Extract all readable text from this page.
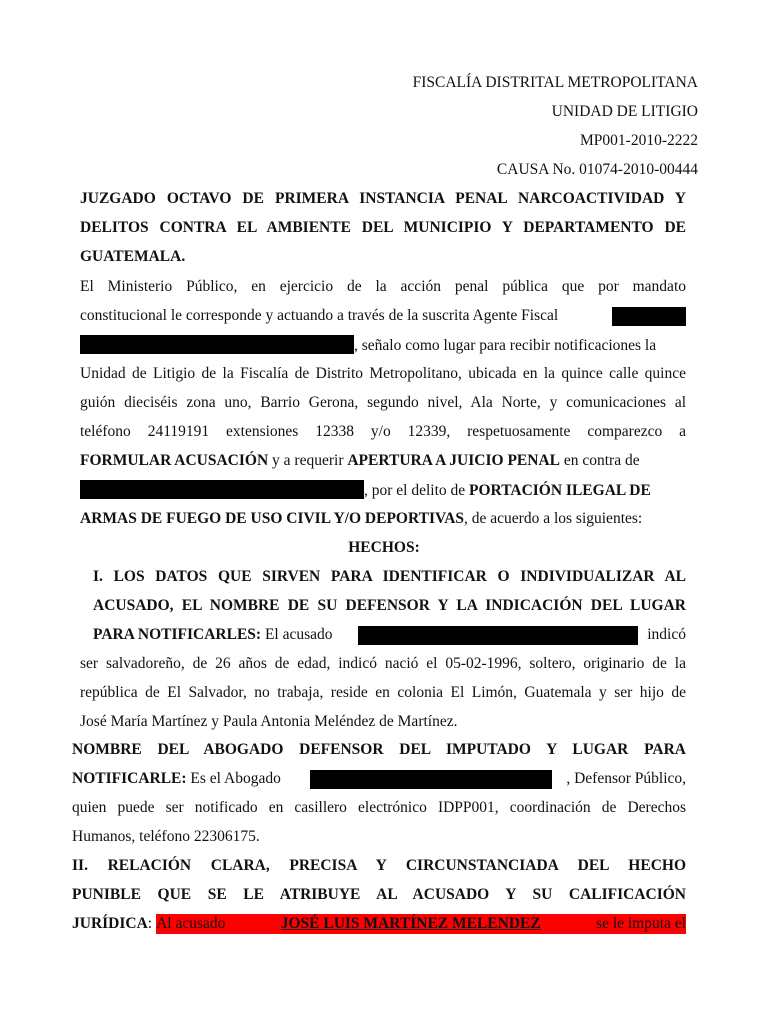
FISCALÍA DISTRITAL METROPOLITANA
UNIDAD DE LITIGIO
MP001-2010-2222
CAUSA No. 01074-2010-00444
JUZGADO OCTAVO DE PRIMERA INSTANCIA PENAL NARCOACTIVIDAD Y
DELITOS CONTRA EL AMBIENTE DEL MUNICIPIO Y DEPARTAMENTO DE
GUATEMALA.
El Ministerio Público, en ejercicio de la acción penal pública que por mandato
constitucional le corresponde y actuando a través de la suscrita Agente Fiscal
, señalo como lugar para recibir notificaciones la
Unidad de Litigio de la Fiscalía de Distrito Metropolitano, ubicada en la quince calle quince
guión dieciséis zona uno, Barrio Gerona, segundo nivel, Ala Norte, y comunicaciones al
teléfono 24119191 extensiones 12338 y/o 12339, respetuosamente comparezco a
FORMULAR ACUSACIÓN y a requerir APERTURA A JUICIO PENAL en contra de
, por el delito de PORTACIÓN ILEGAL DE
ARMAS DE FUEGO DE USO CIVIL Y/O DEPORTIVAS, de acuerdo a los siguientes:
HECHOS:
I. LOS DATOS QUE SIRVEN PARA IDENTIFICAR O INDIVIDUALIZAR AL
ACUSADO, EL NOMBRE DE SU DEFENSOR Y LA INDICACIÓN DEL LUGAR
PARA NOTIFICARLES: El acusado	indicó
ser salvadoreño, de 26 años de edad, indicó nació el 05-02-1996, soltero, originario de la
república de El Salvador, no trabaja, reside en colonia El Limón, Guatemala y ser hijo de
José María Martínez y Paula Antonia Meléndez de Martínez.
NOMBRE DEL ABOGADO DEFENSOR DEL IMPUTADO Y LUGAR PARA
NOTIFICARLE: Es el Abogado	, Defensor Público,
quien puede ser notificado en casillero electrónico IDPP001, coordinación de Derechos
Humanos, teléfono 22306175.
II. RELACIÓN CLARA, PRECISA Y CIRCUNSTANCIADA DEL HECHO
PUNIBLE QUE SE LE ATRIBUYE AL ACUSADO Y SU CALIFICACIÓN
JURÍDICA: Al acusado	JOSÉ LUIS MARTÍNEZ MELENDEZ	se le imputa el
